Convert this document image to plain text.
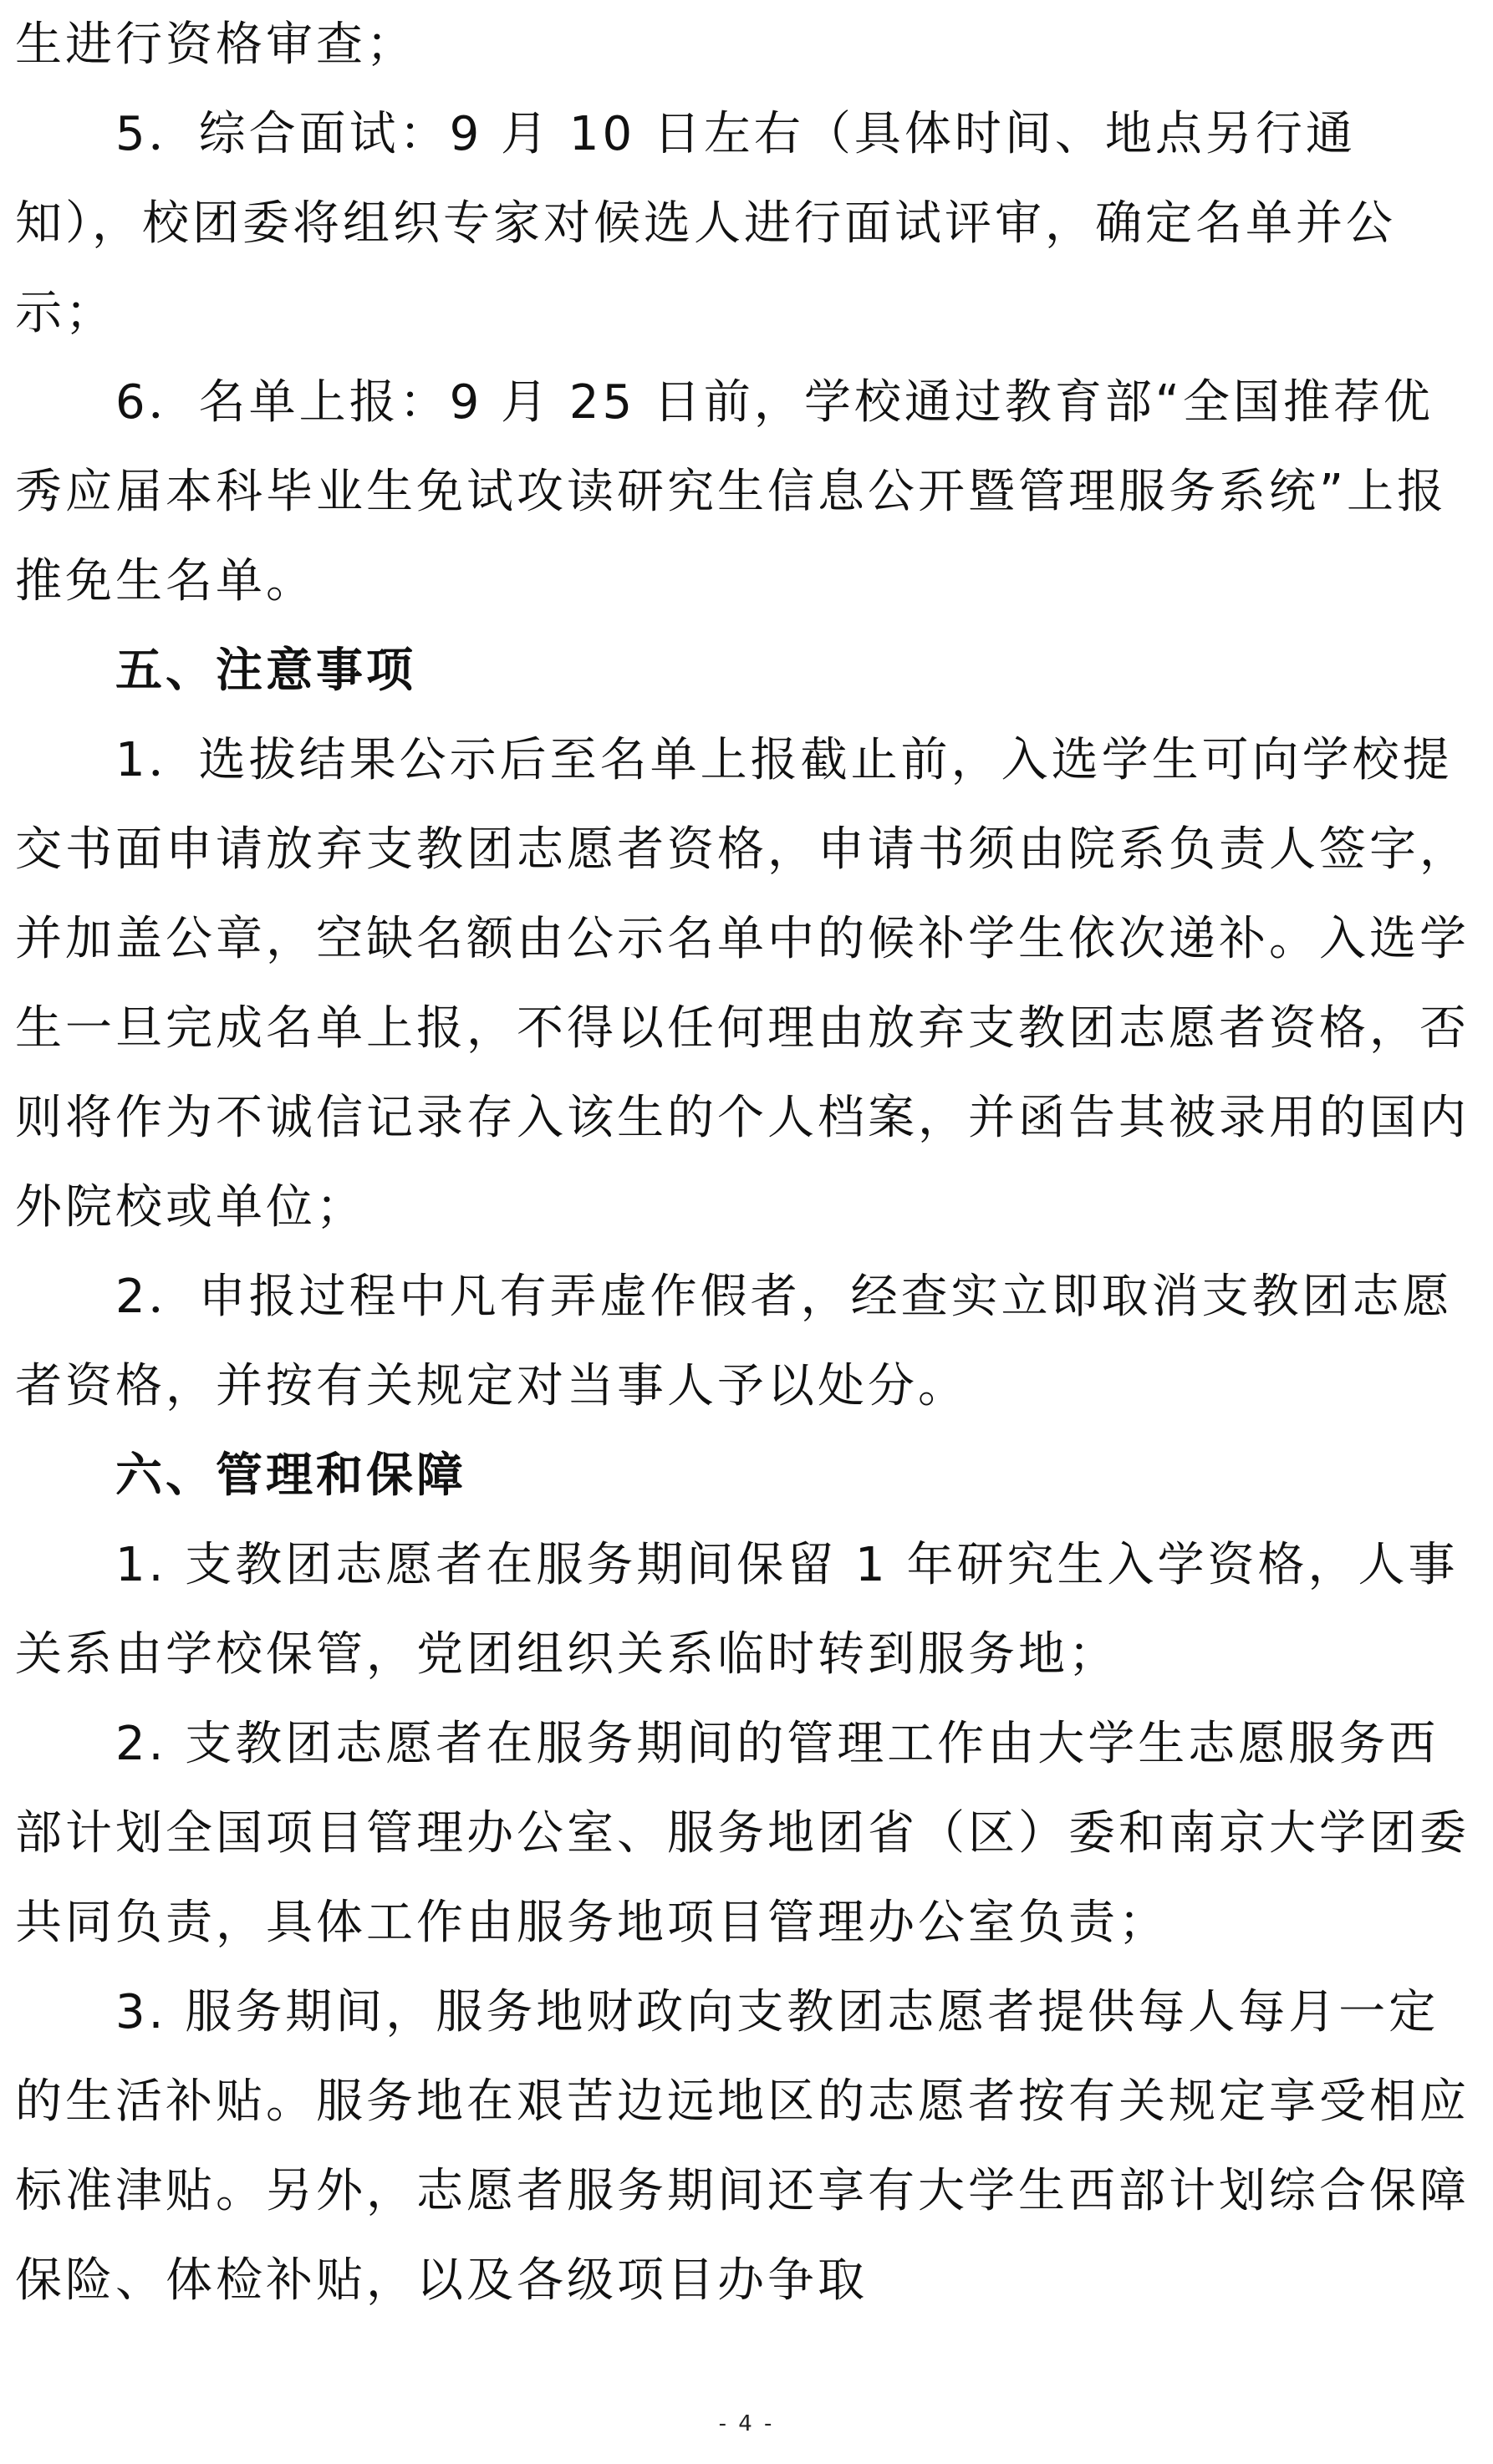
生进行资格审查；

5．综合面试：9 月 10 日左右（具体时间、地点另行通知），校团委将组织专家对候选人进行面试评审，确定名单并公示；

6．名单上报：9 月 25 日前，学校通过教育部“全国推荐优秀应届本科毕业生免试攻读研究生信息公开暨管理服务系统”上报推免生名单。

五、注意事项

1．选拔结果公示后至名单上报截止前，入选学生可向学校提交书面申请放弃支教团志愿者资格，申请书须由院系负责人签字，并加盖公章，空缺名额由公示名单中的候补学生依次递补。入选学生一旦完成名单上报，不得以任何理由放弃支教团志愿者资格，否则将作为不诚信记录存入该生的个人档案，并函告其被录用的国内外院校或单位；

2．申报过程中凡有弄虚作假者，经查实立即取消支教团志愿者资格，并按有关规定对当事人予以处分。

六、管理和保障

1. 支教团志愿者在服务期间保留 1 年研究生入学资格，人事关系由学校保管，党团组织关系临时转到服务地；

2. 支教团志愿者在服务期间的管理工作由大学生志愿服务西部计划全国项目管理办公室、服务地团省（区）委和南京大学团委共同负责，具体工作由服务地项目管理办公室负责；

3. 服务期间，服务地财政向支教团志愿者提供每人每月一定的生活补贴。服务地在艰苦边远地区的志愿者按有关规定享受相应标准津贴。另外，志愿者服务期间还享有大学生西部计划综合保障保险、体检补贴，以及各级项目办争取

- 4 -
